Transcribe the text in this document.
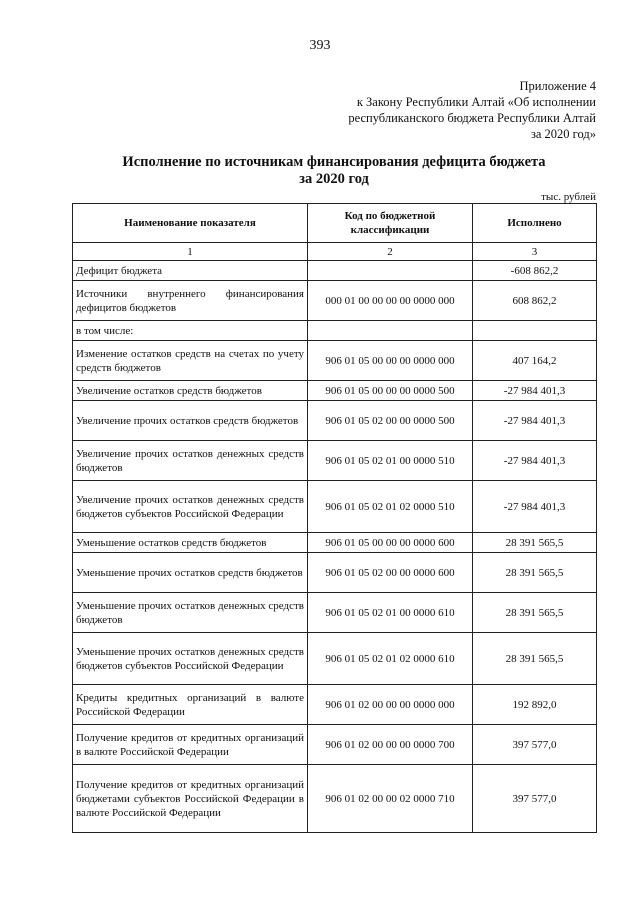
393
Приложение 4
к Закону Республики Алтай «Об исполнении
республиканского бюджета Республики Алтай
за 2020 год»
Исполнение по источникам финансирования дефицита бюджета
за 2020 год
тыс. рублей
Наименование показателя	Код по бюджетной классификации	Исполнено
1	2	3
Дефицит бюджета		-608 862,2
Источники внутреннего финансирования дефицитов бюджетов	000 01 00 00 00 00 0000 000	608 862,2
в том числе:		
Изменение остатков средств на счетах по учету средств бюджетов	906 01 05 00 00 00 0000 000	407 164,2
Увеличение остатков средств бюджетов	906 01 05 00 00 00 0000 500	-27 984 401,3
Увеличение прочих остатков средств бюджетов	906 01 05 02 00 00 0000 500	-27 984 401,3
Увеличение прочих остатков денежных средств бюджетов	906 01 05 02 01 00 0000 510	-27 984 401,3
Увеличение прочих остатков денежных средств бюджетов субъектов Российской Федерации	906 01 05 02 01 02 0000 510	-27 984 401,3
Уменьшение остатков средств бюджетов	906 01 05 00 00 00 0000 600	28 391 565,5
Уменьшение прочих остатков средств бюджетов	906 01 05 02 00 00 0000 600	28 391 565,5
Уменьшение прочих остатков денежных средств бюджетов	906 01 05 02 01 00 0000 610	28 391 565,5
Уменьшение прочих остатков денежных средств бюджетов субъектов Российской Федерации	906 01 05 02 01 02 0000 610	28 391 565,5
Кредиты кредитных организаций в валюте Российской Федерации	906 01 02 00 00 00 0000 000	192 892,0
Получение кредитов от кредитных организаций в валюте Российской Федерации	906 01 02 00 00 00 0000 700	397 577,0
Получение кредитов от кредитных организаций бюджетами субъектов Российской Федерации в валюте Российской Федерации	906 01 02 00 00 02 0000 710	397 577,0
